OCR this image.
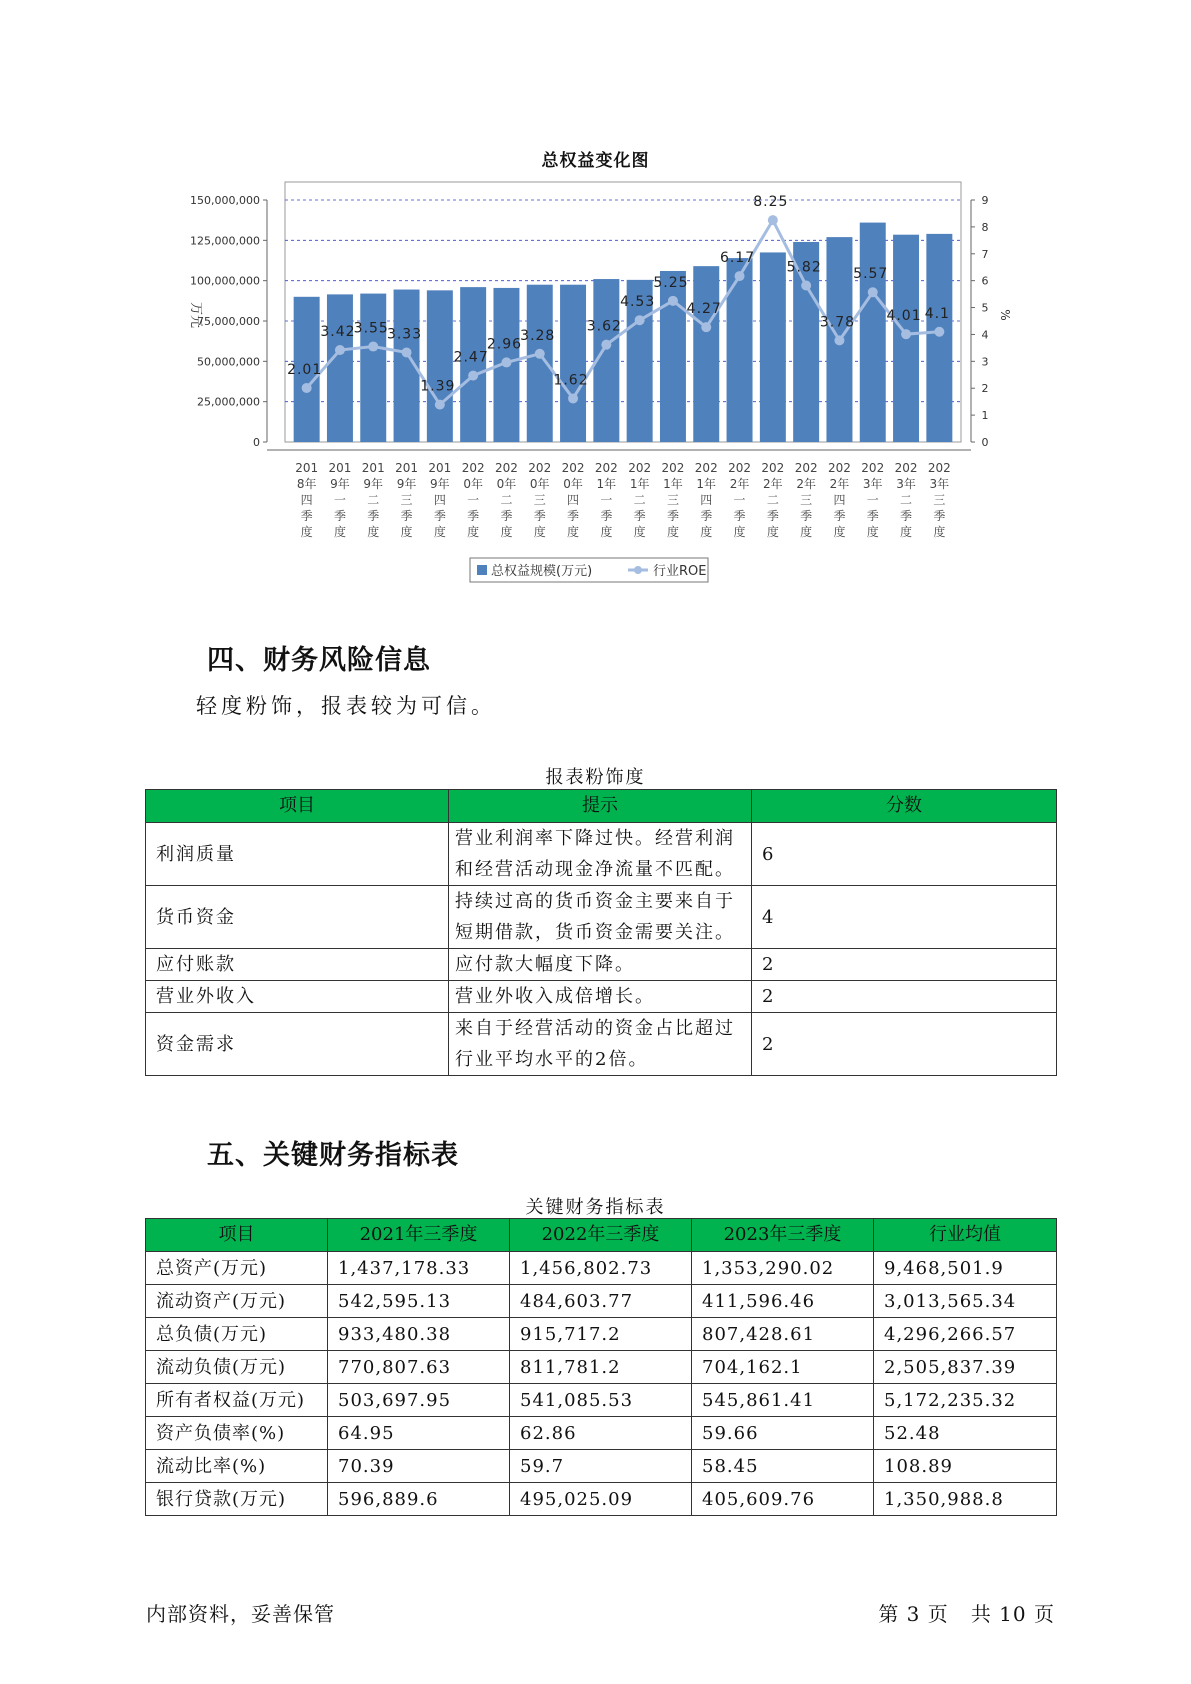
总权益变化图
0
25,000,000
50,000,000
75,000,000
100,000,000
125,000,000
150,000,000
万元
0
1
2
3
4
5
6
7
8
9
%
201 8年四季度
201 9年一季度
201 9年二季度
201 9年三季度
201 9年四季度
202 0年一季度
202 0年二季度
202 0年三季度
202 0年四季度
202 1年一季度
202 1年二季度
202 1年三季度
202 1年四季度
202 2年一季度
202 2年二季度
202 2年三季度
202 2年四季度
202 3年一季度
202 3年二季度
202 3年三季度
2.01
3.42
3.55
3.33
1.39
2.47
2.96
3.28
1.62
3.62
4.53
5.25
4.27
6.17
8.25
5.82
3.78
5.57
4.01 4.1
总权益规模(万元)	行业ROE
四、财务风险信息
轻度粉饰，报表较为可信。
报表粉饰度
项目	提示	分数
利润质量	营业利润率下降过快。经营利润和经营活动现金净流量不匹配。	6
货币资金	持续过高的货币资金主要来自于短期借款，货币资金需要关注。	4
应付账款	应付款大幅度下降。	2
营业外收入	营业外收入成倍增长。	2
资金需求	来自于经营活动的资金占比超过行业平均水平的2倍。	2
五、关键财务指标表
关键财务指标表
项目	2021年三季度	2022年三季度	2023年三季度	行业均值
总资产(万元)	1,437,178.33	1,456,802.73	1,353,290.02	9,468,501.9
流动资产(万元)	542,595.13	484,603.77	411,596.46	3,013,565.34
总负债(万元)	933,480.38	915,717.2	807,428.61	4,296,266.57
流动负债(万元)	770,807.63	811,781.2	704,162.1	2,505,837.39
所有者权益(万元)	503,697.95	541,085.53	545,861.41	5,172,235.32
资产负债率(%)	64.95	62.86	59.66	52.48
流动比率(%)	70.39	59.7	58.45	108.89
银行贷款(万元)	596,889.6	495,025.09	405,609.76	1,350,988.8
内部资料，妥善保管	第 3 页   共 10 页
